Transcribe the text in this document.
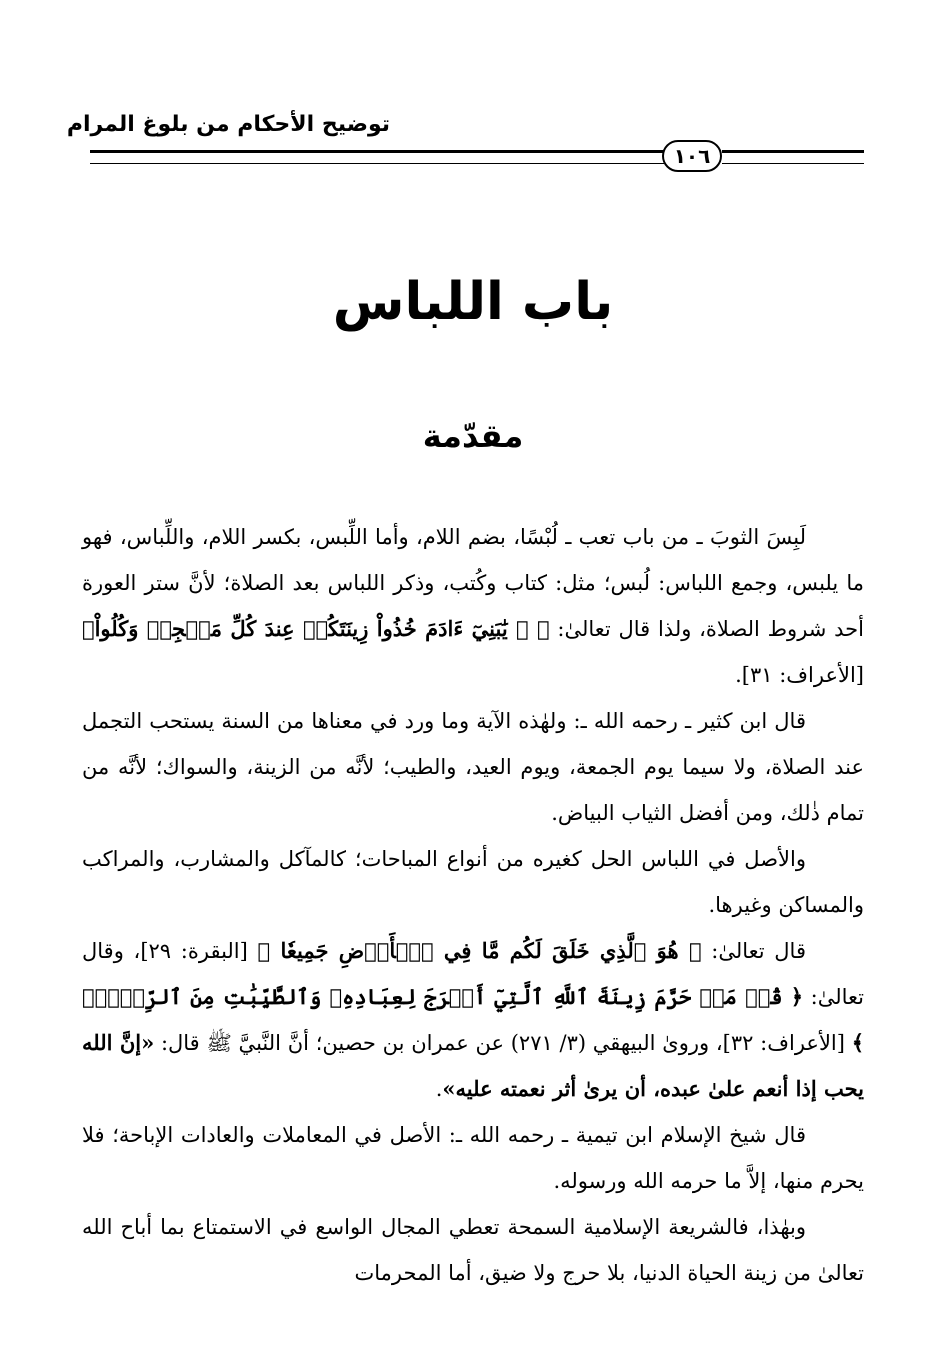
توضيح الأحكام من بلوغ المرام
١٠٦
باب اللباس
مقدّمة

لَبِسَ الثوبَ ـ من باب تعب ـ لُبْسًا، بضم اللام، وأما اللِّبس، بكسر اللام، واللِّباس، فهو ما يلبس، وجمع اللباس: لُبس؛ مثل: كتاب وكُتب، وذكر اللباس بعد الصلاة؛ لأنَّ ستر العورة أحد شروط الصلاة، ولذا قال تعالىٰ: ﴿ ۞ يَٰبَنِيٓ ءَادَمَ خُذُواْ زِينَتَكُمۡ عِندَ كُلِّ مَسۡجِدٖ وَكُلُواْ﴾ [الأعراف: ٣١].

قال ابن كثير ـ رحمه الله ـ: ولهٰذه الآية وما ورد في معناها من السنة يستحب التجمل عند الصلاة، ولا سيما يوم الجمعة، ويوم العيد، والطيب؛ لأنَّه من الزينة، والسواك؛ لأنَّه من تمام ذٰلك، ومن أفضل الثياب البياض.

والأصل في اللباس الحل كغيره من أنواع المباحات؛ كالمآكل والمشارب، والمراكب والمساكن وغيرها.

قال تعالىٰ: ﴿ هُوَ ٱلَّذِي خَلَقَ لَكُم مَّا فِي ٱلۡأَرۡضِ جَمِيعٗا ﴾ [البقرة: ٢٩]، وقال تعالىٰ: ﴿ قُلۡ مَنۡ حَرَّمَ زِينَةَ ٱللَّهِ ٱلَّتِيٓ أَخۡرَجَ لِعِبَادِهِۦ وَٱلطَّيِّبَٰتِ مِنَ ٱلرِّزۡقِۚ ﴾ [الأعراف: ٣٢]، وروىٰ البيهقي (٣/ ٢٧١) عن عمران بن حصين؛ أنَّ النَّبيَّ ﷺ قال: «إنَّ الله يحب إذا أنعم علىٰ عبده، أن يرىٰ أثر نعمته عليه».

قال شيخ الإسلام ابن تيمية ـ رحمه الله ـ: الأصل في المعاملات والعادات الإباحة؛ فلا يحرم منها، إلاَّ ما حرمه الله ورسوله.

وبهٰذا، فالشريعة الإسلامية السمحة تعطي المجال الواسع في الاستمتاع بما أباح الله تعالىٰ من زينة الحياة الدنيا، بلا حرج ولا ضيق، أما المحرمات
